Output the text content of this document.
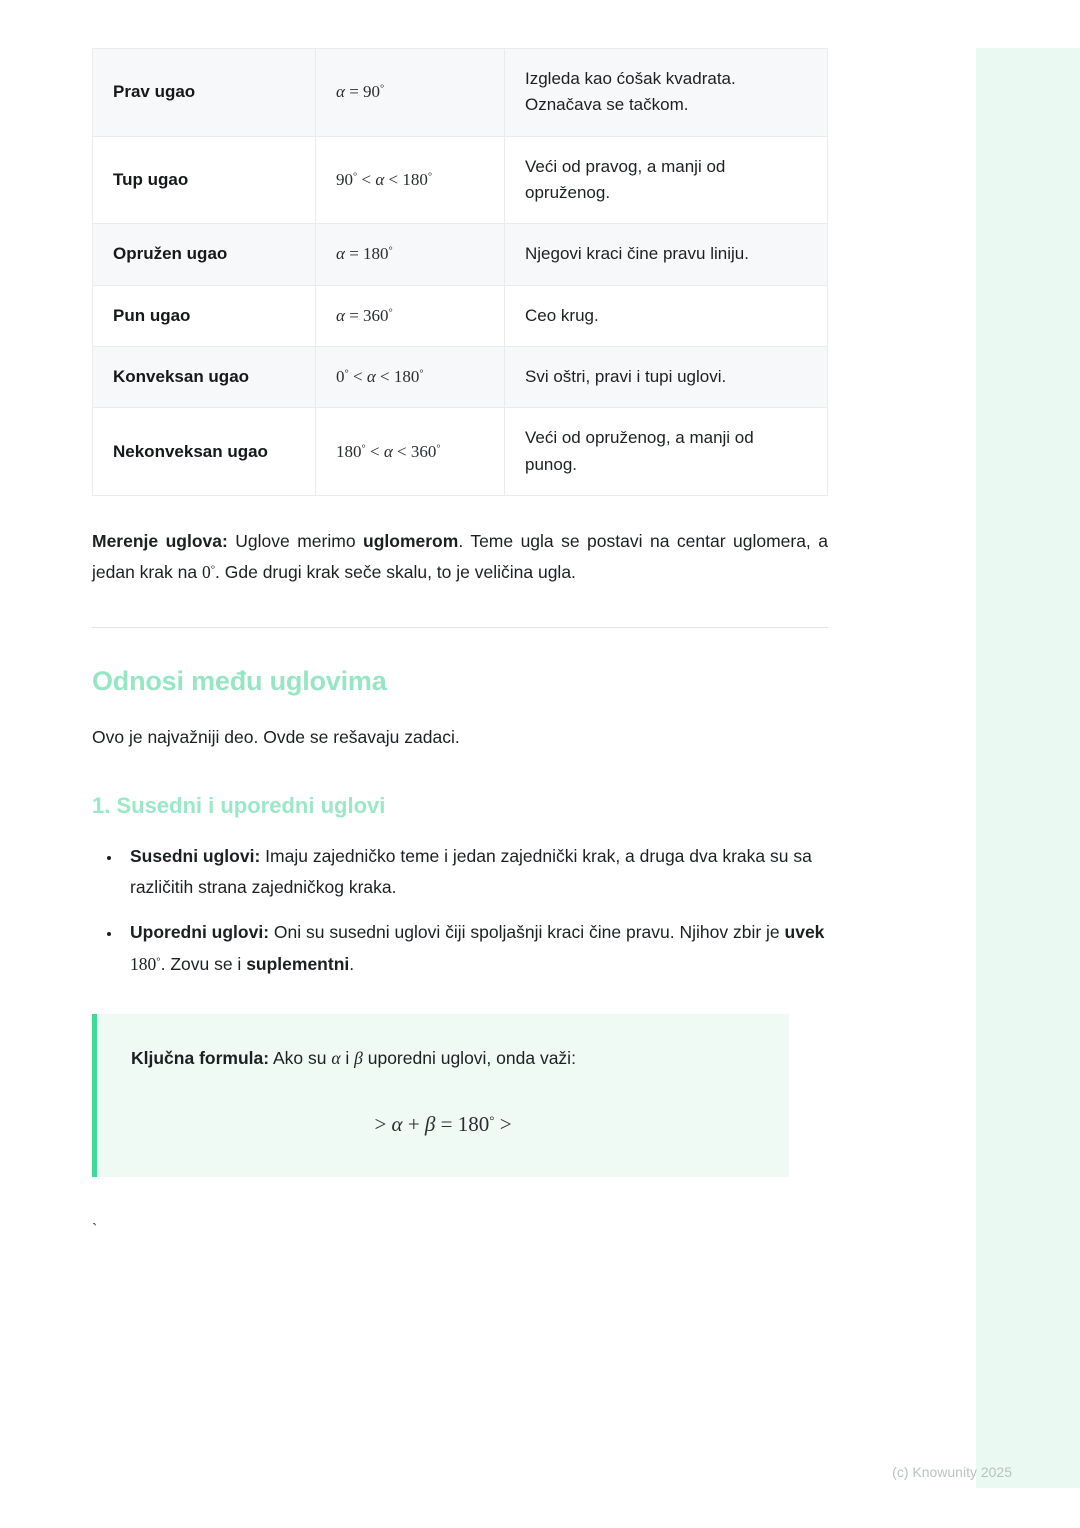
Prav ugao	α = 90°	Izgleda kao ćošak kvadrata. Označava se tačkom.
Tup ugao	90° < α < 180°	Veći od pravog, a manji od opruženog.
Opružen ugao	α = 180°	Njegovi kraci čine pravu liniju.
Pun ugao	α = 360°	Ceo krug.
Konveksan ugao	0° < α < 180°	Svi oštri, pravi i tupi uglovi.
Nekonveksan ugao	180° < α < 360°	Veći od opruženog, a manji od punog.

Merenje uglova: Uglove merimo uglomerom. Teme ugla se postavi na centar uglomera, a jedan krak na 0°. Gde drugi krak seče skalu, to je veličina ugla.

Odnosi među uglovima

Ovo je najvažniji deo. Ovde se rešavaju zadaci.

1. Susedni i uporedni uglovi
• Susedni uglovi: Imaju zajedničko teme i jedan zajednički krak, a druga dva kraka su sa različitih strana zajedničkog kraka.
• Uporedni uglovi: Oni su susedni uglovi čiji spoljašnji kraci čine pravu. Njihov zbir je uvek 180°. Zovu se i suplementni.
Ključna formula: Ako su α i β uporedni uglovi, onda važi:
> α + β = 180° >
`
(c) Knowunity 2025
